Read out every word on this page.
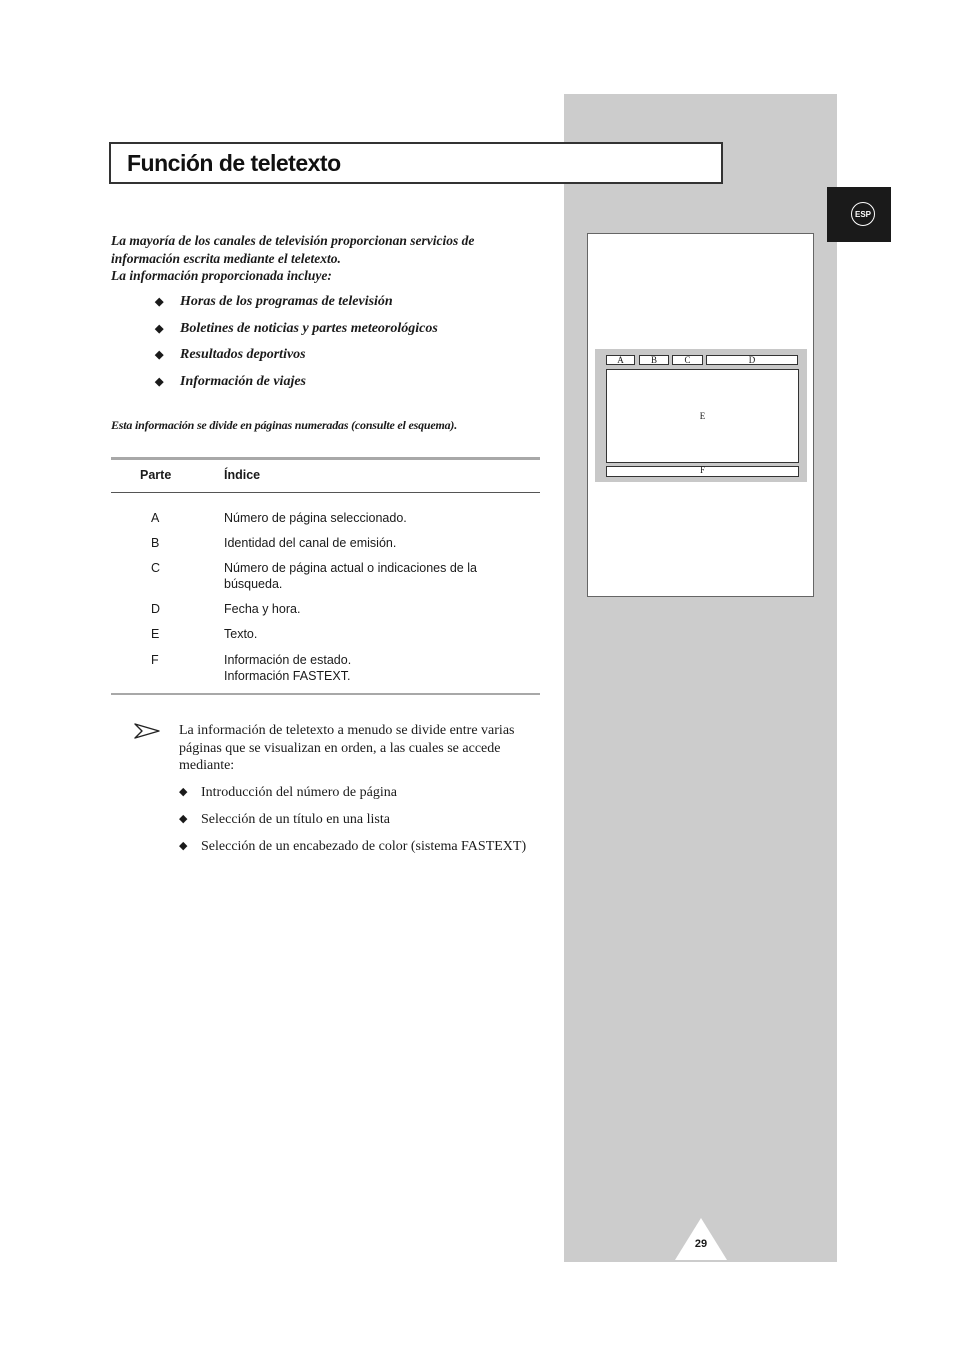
Función de teletexto
ESP

La mayoría de los canales de televisión proporcionan servicios de información escrita mediante el teletexto.

La información proporcionada incluye:

◆ Horas de los programas de televisión
◆ Boletines de noticias y partes meteorológicos
◆ Resultados deportivos
◆ Información de viajes
Esta información se divide en páginas numeradas (consulte el esquema).
Parte	Índice
A	Número de página seleccionado.
B	Identidad del canal de emisión.
C	Número de página actual o indicaciones de la búsqueda.
D	Fecha y hora.
E	Texto.
F	Información de estado.
Información FASTEXT.
La información de teletexto a menudo se divide entre varias páginas que se visualizan en orden, a las cuales se accede mediante:
◆ Introducción del número de página
◆ Selección de un título en una lista
◆ Selección de un encabezado de color (sistema FASTEXT)
A	B	C	D
E
F
29
